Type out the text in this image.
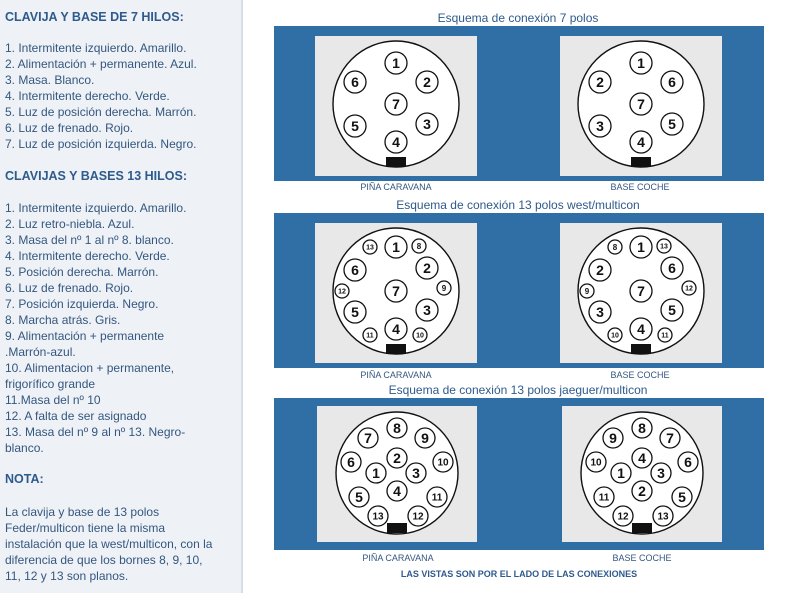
CLAVIJA Y BASE DE 7 HILOS:
1. Intermitente izquierdo. Amarillo.
2. Alimentación + permanente. Azul.
3. Masa. Blanco.
4. Intermitente derecho. Verde.
5. Luz de posición derecha. Marrón.
6. Luz de frenado. Rojo.
7. Luz de posición izquierda. Negro.
CLAVIJAS Y BASES 13 HILOS:
1. Intermitente izquierdo. Amarillo.
2. Luz retro-niebla. Azul.
3. Masa del nº 1 al nº 8. blanco.
4. Intermitente derecho. Verde.
5. Posición derecha. Marrón.
6. Luz de frenado. Rojo.
7. Posición izquierda. Negro.
8. Marcha atrás. Gris.
9. Alimentación + permanente
.Marrón-azul.
10. Alimentacion + permanente,
frigorífico grande
11.Masa del nº 10
12. A falta de ser asignado
13. Masa del nº 9 al nº 13. Negro-
blanco.
NOTA:
La clavija y base de 13 polos
Feder/multicon tiene la misma
instalación que la west/multicon, con la
diferencia de que los bornes 8, 9, 10,
11, 12 y 13 son planos.
Esquema de conexión 7 polos
1
2
3
4
5
6
7
1
6
5
4
3
2
7
PIÑA CARAVANA	BASE COCHE
Esquema de conexión 13 polos west/multicon
1
2
3
4
5
6
7
8
9
10
11
12
13	1
6
5
4
3
2
7
13
12
11
10
9
8
PIÑA CARAVANA	BASE COCHE
Esquema de conexión 13 polos jaeguer/multicon
8
9
10
11
12
13
5
6
7
2
3
4
1
8
7
6
5
13
12
11
10
9
4
3
2
1
PIÑA CARAVANA	BASE COCHE
LAS VISTAS SON POR EL LADO DE LAS CONEXIONES
